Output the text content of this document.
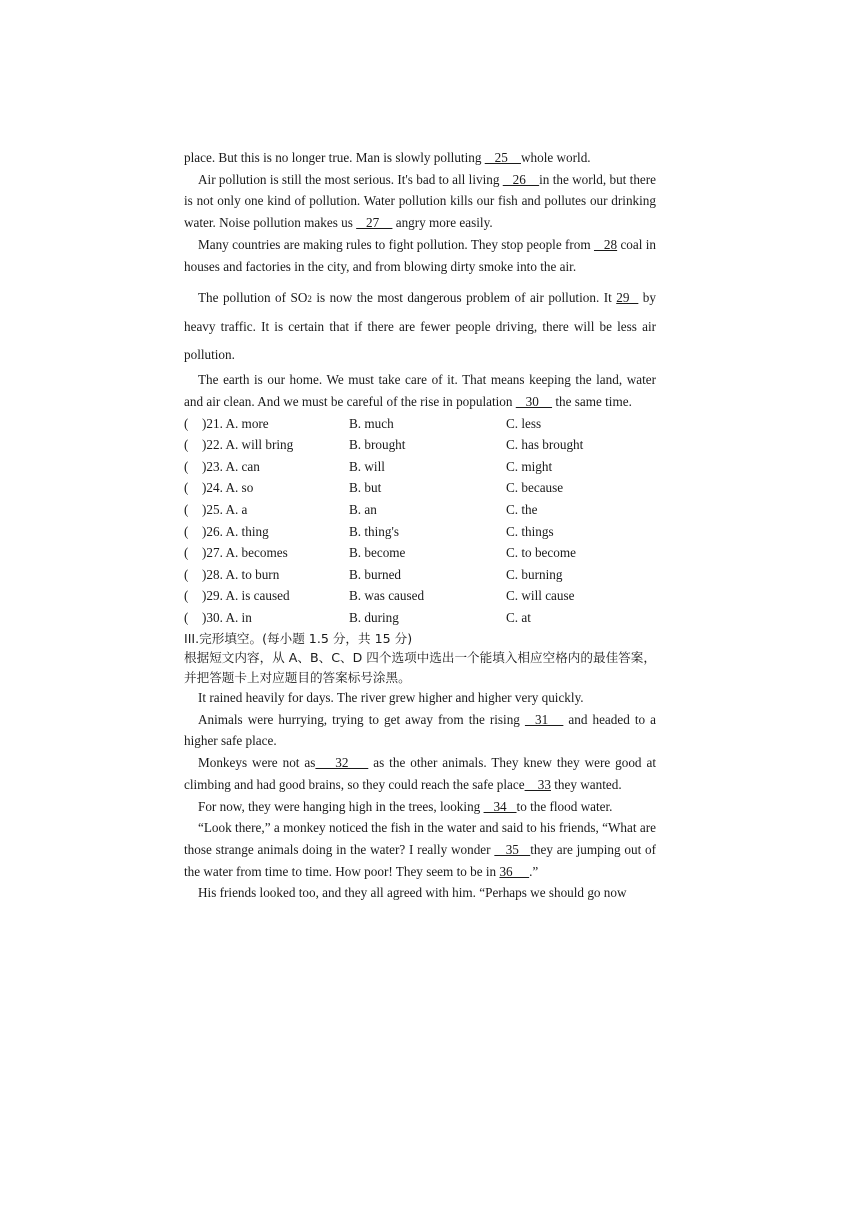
place. But this is no longer true. Man is slowly polluting    25    whole world.

Air pollution is still the most serious. It's bad to all living    26    in the world, but there is not only one kind of pollution. Water pollution kills our fish and pollutes our drinking water. Noise pollution makes us    27     angry more easily.

Many countries are making rules to fight pollution. They stop people from    28 coal in houses and factories in the city, and from blowing dirty smoke into the air.

The pollution of SO2 is now the most dangerous problem of air pollution. It 29   by heavy traffic. It is certain that if there are fewer people driving, there will be less air pollution.

The earth is our home. We must take care of it. That means keeping the land, water and air clean. And we must be careful of the rise in population    30     the same time.

(	)21. A. more	B. much	C. less
(	)22. A. will bring	B. brought	C. has brought
(	)23. A. can	B. will	C. might
(	)24. A. so	B. but	C. because
(	)25. A. a	B. an	C. the
(	)26. A. thing	B. thing's	C. things
(	)27. A. becomes	B. become	C. to become
(	)28. A. to burn	B. burned	C. burning
(	)29. A. is caused	B. was caused	C. will cause
(	)30. A. in	B. during	C. at
III.完形填空。(每小题 1.5 分，共 15 分)
根据短文内容，从 A、B、C、D 四个选项中选出一个能填入相应空格内的最佳答案，并把答题卡上对应题目的答案标号涂黑。

It rained heavily for days. The river grew higher and higher very quickly.

Animals were hurrying, trying to get away from the rising   31    and headed to a higher safe place.

Monkeys were not as    32     as the other animals. They knew they were good at climbing and had good brains, so they could reach the safe place    33 they wanted.

For now, they were hanging high in the trees, looking    34   to the flood water.

“Look there,” a monkey noticed the fish in the water and said to his friends, “What are those strange animals doing in the water? I really wonder    35   they are jumping out of the water from time to time. How poor! They seem to be in 36     .”

His friends looked too, and they all agreed with him. “Perhaps we should go now
